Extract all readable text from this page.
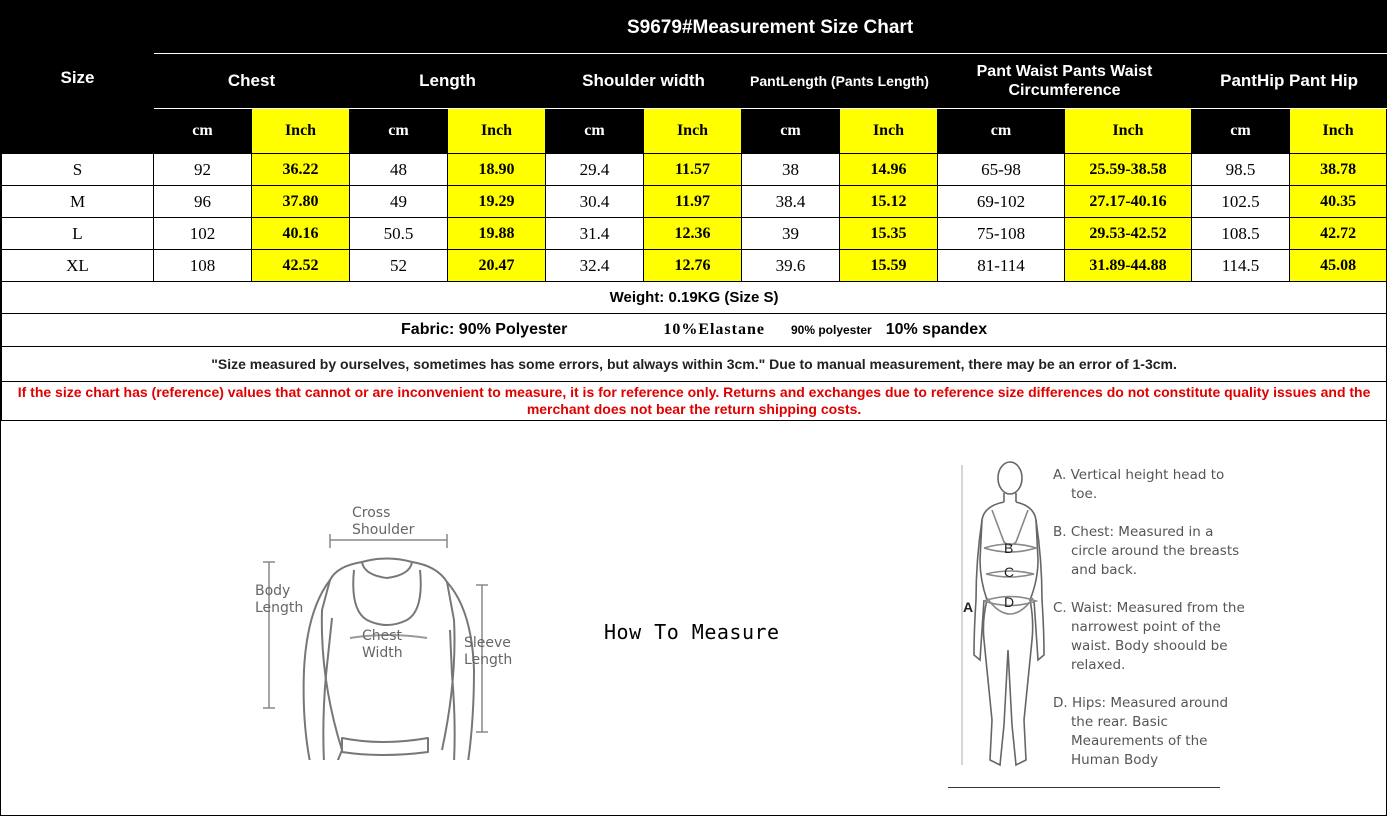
Size	S9679#Measurement Size Chart											
	Chest		Length		Shoulder width		PantLength (Pants Length)		Pant Waist Pants Waist Circumference		PantHip Pant Hip	
	cm	Inch	cm	Inch	cm	Inch	cm	Inch	cm	Inch	cm	Inch
S	92	36.22	48	18.90	29.4	11.57	38	14.96	65-98	25.59-38.58	98.5	38.78
M	96	37.80	49	19.29	30.4	11.97	38.4	15.12	69-102	27.17-40.16	102.5	40.35
L	102	40.16	50.5	19.88	31.4	12.36	39	15.35	75-108	29.53-42.52	108.5	42.72
XL	108	42.52	52	20.47	32.4	12.76	39.6	15.59	81-114	31.89-44.88	114.5	45.08
Weight: 0.19KG (Size S)												
Fabric: 90% Polyester 10%Elastane 90% polyester 10% spandex												
"Size measured by ourselves, sometimes has some errors, but always within 3cm." Due to manual measurement, there may be an error of 1-3cm.												
If the size chart has (reference) values that cannot or are inconvenient to measure, it is for reference only. Returns and exchanges due to reference size differences do not constitute quality issues and the merchant does not bear the return shipping costs.												
Cross
Shoulder
Body
Length
Chest
Width
Sleeve
Length
How To Measure
A
B
C
D

A. Vertical height head to toe.

B. Chest: Measured in a circle around the breasts and back.

C. Waist: Measured from the narrowest point of the waist. Body shoould be relaxed.

D. Hips: Measured around the rear. Basic Meaurements of the Human Body
